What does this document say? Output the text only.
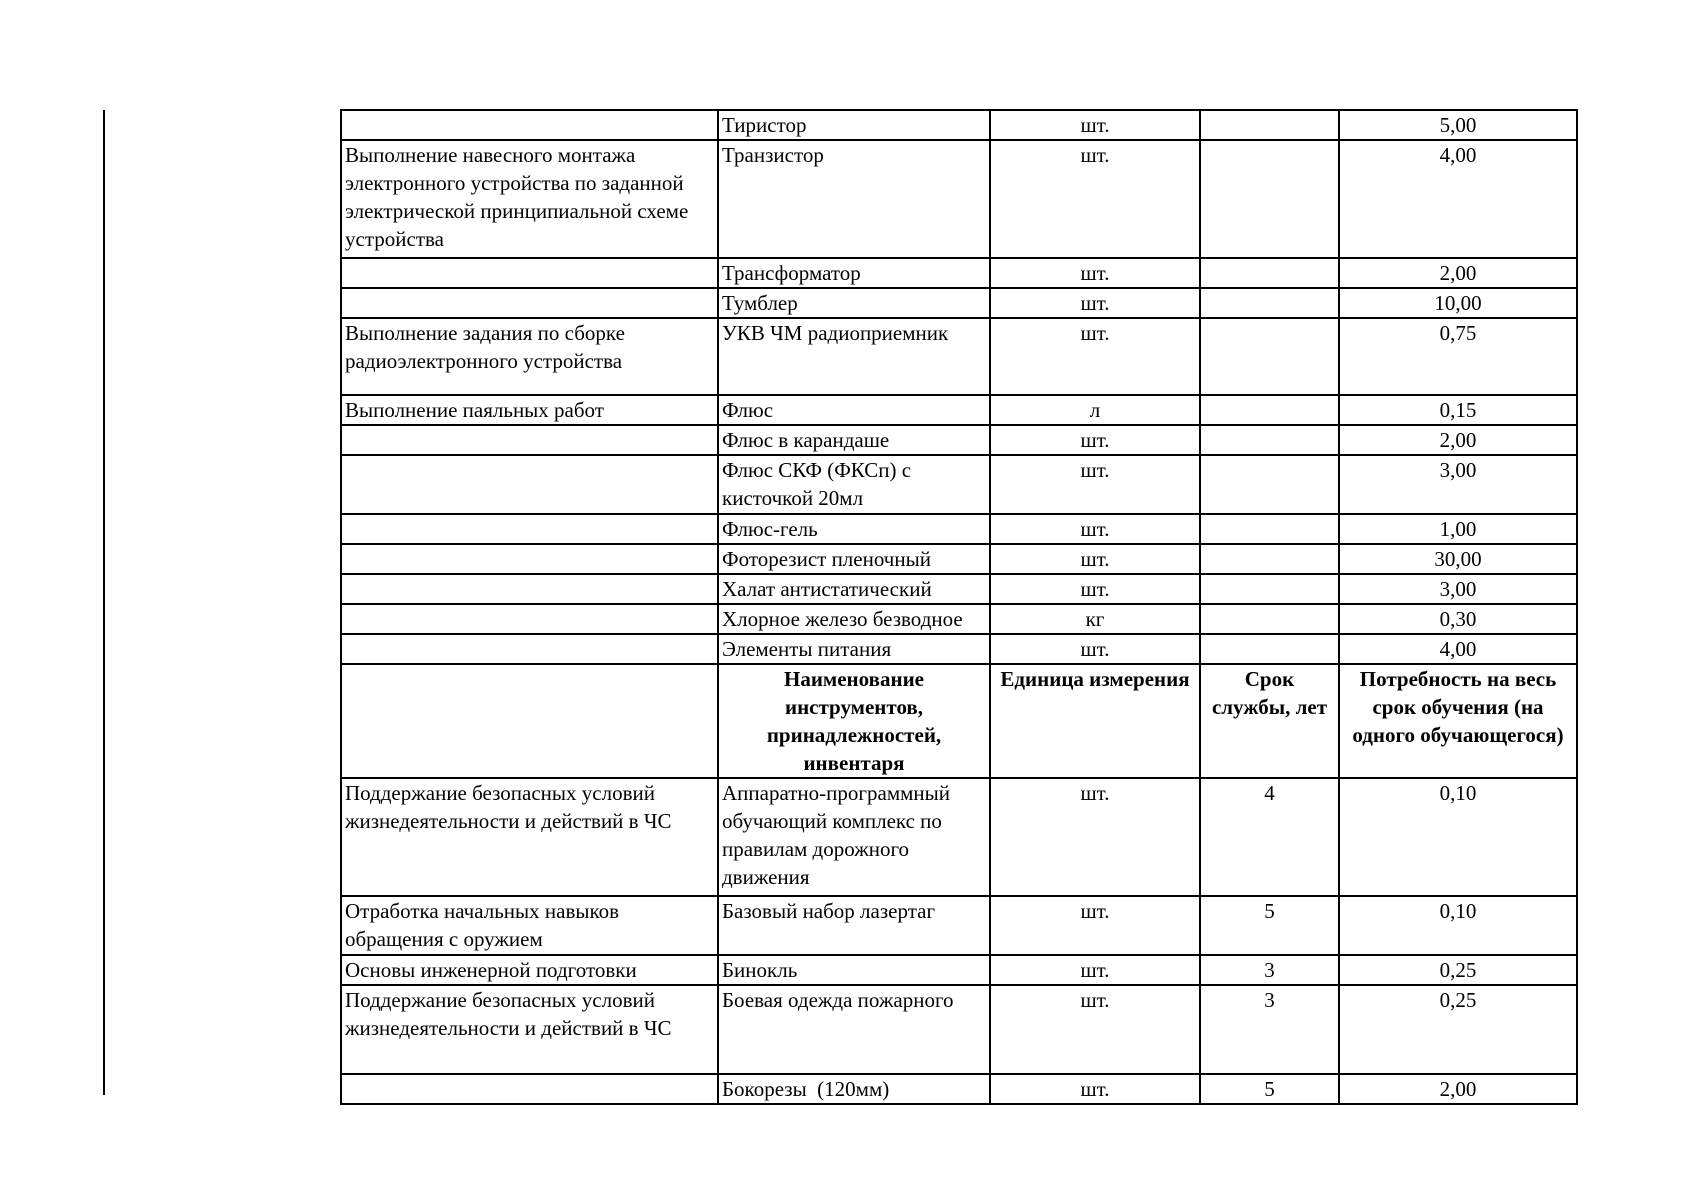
	Тиристор	шт.		5,00
Выполнение навесного монтажа электронного устройства по заданной электрической принципиальной схеме устройства	Транзистор	шт.		4,00
	Трансформатор	шт.		2,00
	Тумблер	шт.		10,00
Выполнение задания по сборке радиоэлектронного устройства	УКВ ЧМ радиоприемник	шт.		0,75
Выполнение паяльных работ	Флюс	л		0,15
	Флюс в карандаше	шт.		2,00
	Флюс СКФ (ФКСп) с кисточкой 20мл	шт.		3,00
	Флюс-гель	шт.		1,00
	Фоторезист пленочный	шт.		30,00
	Халат антистатический	шт.		3,00
	Хлорное железо безводное	кг		0,30
	Элементы питания	шт.		4,00
	Наименование инструментов, принадлежностей, инвентаря	Единица измерения	Срок службы, лет	Потребность на весь срок обучения (на одного обучающегося)
Поддержание безопасных условий жизнедеятельности и действий в ЧС	Аппаратно-программный обучающий комплекс по правилам дорожного движения	шт.	4	0,10
Отработка начальных навыков обращения с оружием	Базовый набор лазертаг	шт.	5	0,10
Основы инженерной подготовки	Бинокль	шт.	3	0,25
Поддержание безопасных условий жизнедеятельности и действий в ЧС	Боевая одежда пожарного	шт.	3	0,25
	Бокорезы  (120мм)	шт.	5	2,00
